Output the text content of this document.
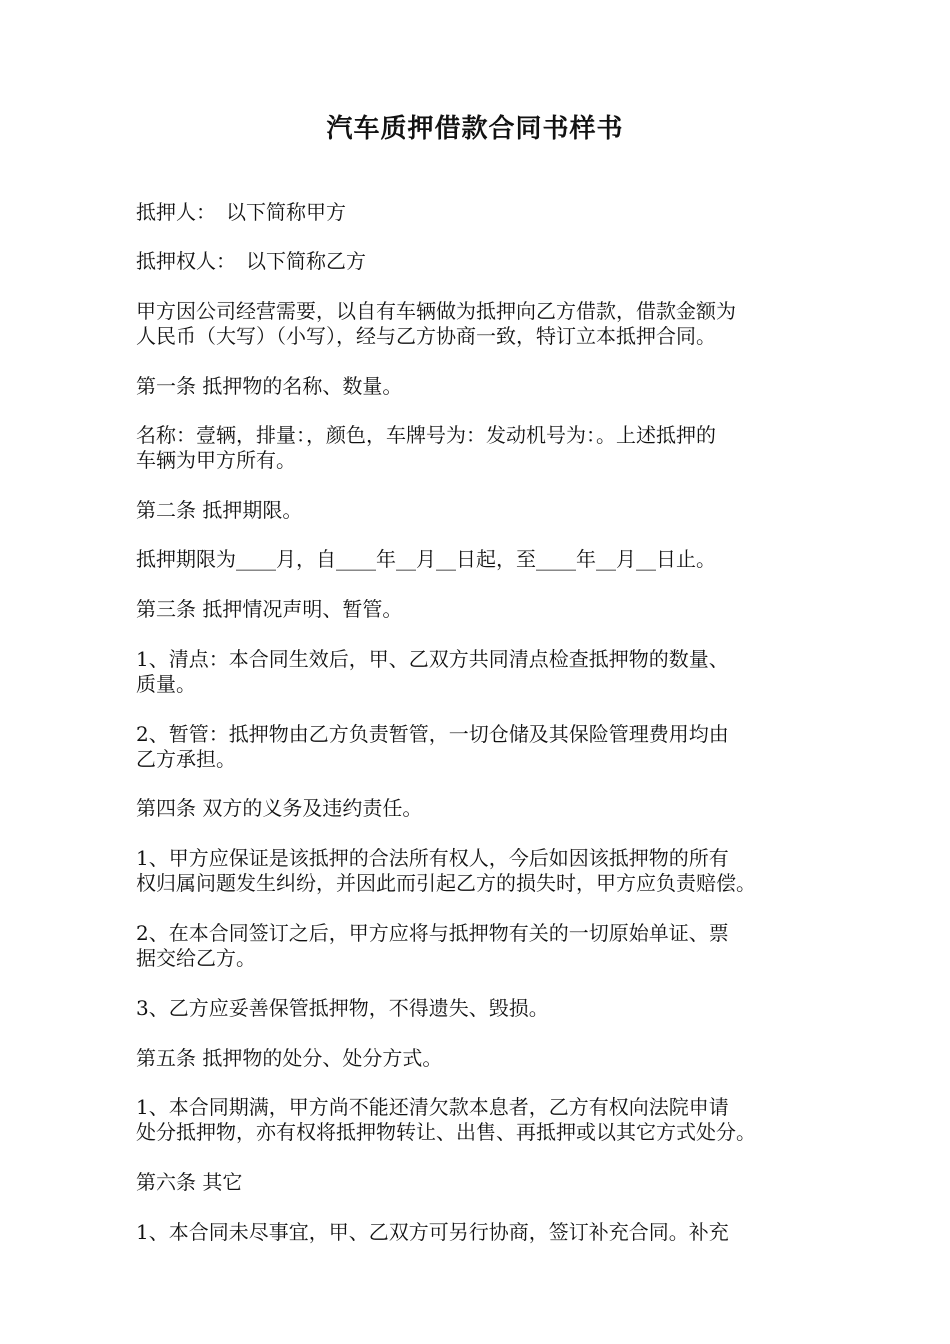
汽车质押借款合同书样书

抵押人：　以下简称甲方

抵押权人：　以下简称乙方

甲方因公司经营需要，以自有车辆做为抵押向乙方借款，借款金额为
人民币（大写）（小写），经与乙方协商一致，特订立本抵押合同。

第一条 抵押物的名称、数量。

名称：壹辆，排量：，颜色，车牌号为：发动机号为：。上述抵押的
车辆为甲方所有。

第二条 抵押期限。

抵押期限为____月，自____年__月__日起，至____年__月__日止。

第三条 抵押情况声明、暂管。

1、清点：本合同生效后，甲、乙双方共同清点检查抵押物的数量、
质量。

2、暂管：抵押物由乙方负责暂管，一切仓储及其保险管理费用均由
乙方承担。

第四条 双方的义务及违约责任。

1、甲方应保证是该抵押的合法所有权人，今后如因该抵押物的所有
权归属问题发生纠纷，并因此而引起乙方的损失时，甲方应负责赔偿。

2、在本合同签订之后，甲方应将与抵押物有关的一切原始单证、票
据交给乙方。

3、乙方应妥善保管抵押物，不得遗失、毁损。

第五条 抵押物的处分、处分方式。

1、本合同期满，甲方尚不能还清欠款本息者，乙方有权向法院申请
处分抵押物，亦有权将抵押物转让、出售、再抵押或以其它方式处分。

第六条 其它

1、本合同未尽事宜，甲、乙双方可另行协商，签订补充合同。补充
